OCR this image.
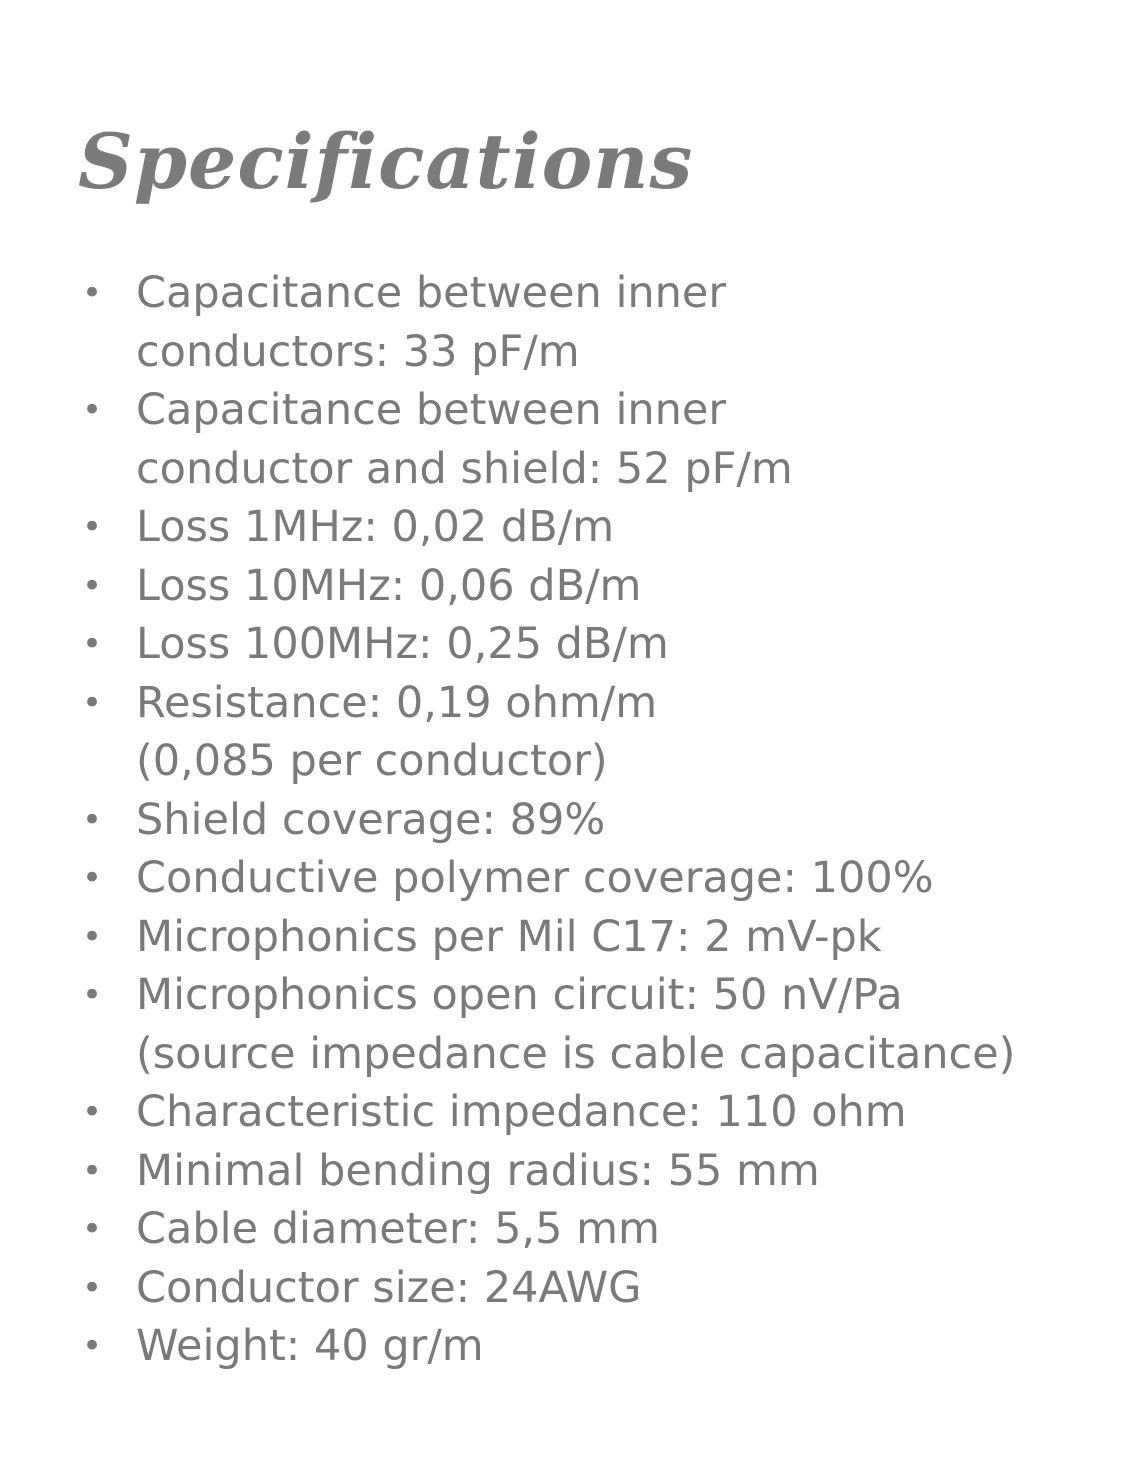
Specifications
• Capacitance between inner
conductors: 33 pF/m
• Capacitance between inner
conductor and shield: 52 pF/m
• Loss 1MHz: 0,02 dB/m
• Loss 10MHz: 0,06 dB/m
• Loss 100MHz: 0,25 dB/m
• Resistance: 0,19 ohm/m
(0,085 per conductor)
• Shield coverage: 89%
• Conductive polymer coverage: 100%
• Microphonics per Mil C17: 2 mV-pk
• Microphonics open circuit: 50 nV/Pa
(source impedance is cable capacitance)
• Characteristic impedance: 110 ohm
• Minimal bending radius: 55 mm
• Cable diameter: 5,5 mm
• Conductor size: 24AWG
• Weight: 40 gr/m
